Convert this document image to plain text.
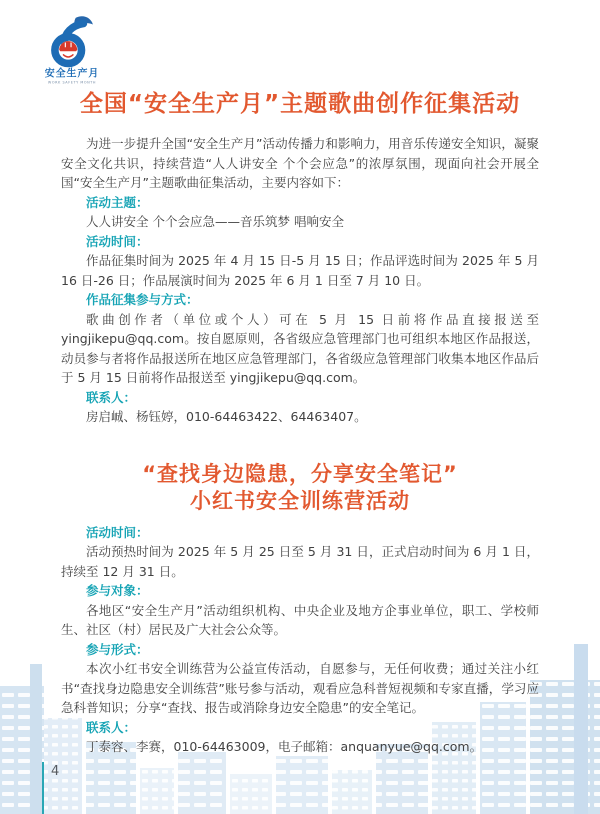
安全生产月
WORK SAFETY MONTH
全国“安全生产月”主题歌曲创作征集活动

为进一步提升全国“安全生产月”活动传播力和影响力，用音乐传递安全知识，凝聚安全文化共识，持续营造“人人讲安全 个个会应急”的浓厚氛围，现面向社会开展全国“安全生产月”主题歌曲征集活动，主要内容如下：

活动主题：

人人讲安全 个个会应急——音乐筑梦 唱响安全

活动时间：

作品征集时间为 2025 年 4 月 15 日-5 月 15 日；作品评选时间为 2025 年 5 月 16 日-26 日；作品展演时间为 2025 年 6 月 1 日至 7 月 10 日。

作品征集参与方式：

歌曲创作者（单位或个人）可在 5 月 15 日前将作品直接报送至 yingjikepu@qq.com。按自愿原则，各省级应急管理部门也可组织本地区作品报送，动员参与者将作品报送所在地区应急管理部门，各省级应急管理部门收集本地区作品后于 5 月 15 日前将作品报送至 yingjikepu@qq.com。

联系人：

房启峸、杨钰婷，010-64463422、64463407。

“查找身边隐患，分享安全笔记”
小红书安全训练营活动

活动时间：

活动预热时间为 2025 年 5 月 25 日至 5 月 31 日，正式启动时间为 6 月 1 日，持续至 12 月 31 日。

参与对象：

各地区“安全生产月”活动组织机构、中央企业及地方企事业单位，职工、学校师生、社区（村）居民及广大社会公众等。

参与形式：

本次小红书安全训练营为公益宣传活动，自愿参与，无任何收费；通过关注小红书“查找身边隐患安全训练营”账号参与活动，观看应急科普短视频和专家直播，学习应急科普知识；分享“查找、报告或消除身边安全隐患”的安全笔记。

联系人：

丁泰容、李赛，010-64463009，电子邮箱：anquanyue@qq.com。

4
